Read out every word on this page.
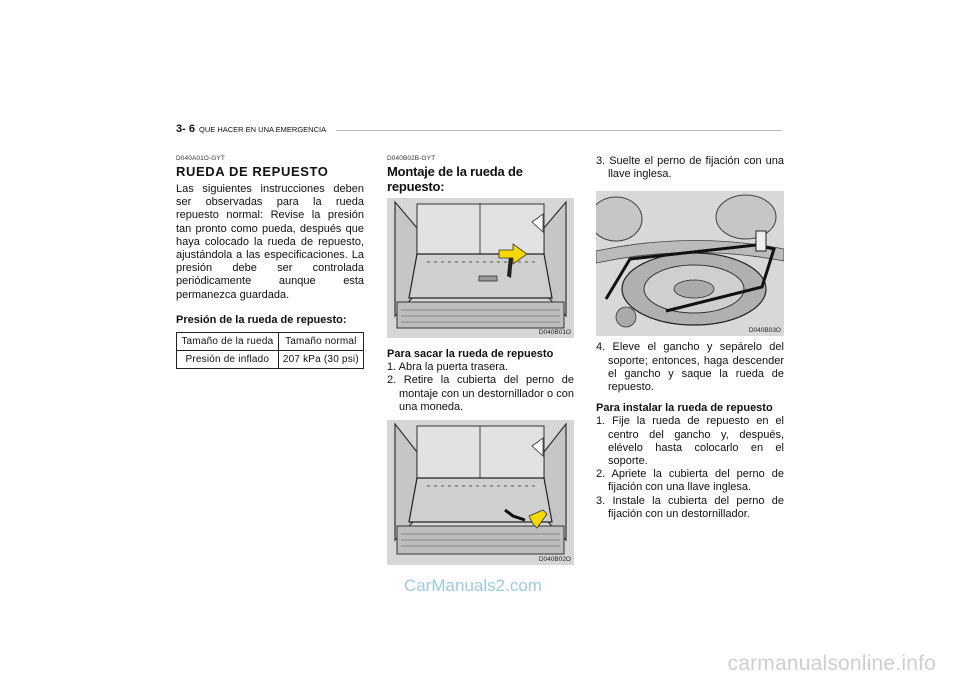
3- 6 QUE HACER EN UNA EMERGENCIA
D040A01O-GYT
RUEDA DE REPUESTO

Las siguientes instrucciones deben ser observadas para la rueda repuesto normal: Revise la presión tan pronto como pueda, después que haya colocado la rueda de repuesto, ajustándola a las especificaciones. La presión debe ser controlada periódicamente aunque esta permanezca guardada.

Presión de la rueda de repuesto:
Tamaño de la rueda	Tamaño normal
Presión de inflado	207 kPa (30 psi)
D040B02B-GYT
Montaje de la rueda de repuesto:
D040B01O
Para sacar la rueda de repuesto
1. Abra la puerta trasera.
2. Retire la cubierta del perno de montaje con un destornillador o con una moneda.
D040B02O
3. Suelte el perno de fijación con una llave inglesa.
D040B03O
4. Eleve el gancho y sepárelo del soporte; entonces, haga descender el gancho y saque la rueda de repuesto.
Para instalar la rueda de repuesto
1. Fije la rueda de repuesto en el centro del gancho y, después, elévelo hasta colocarlo en el soporte.
2. Apriete la cubierta del perno de fijación con una llave inglesa.
3. Instale la cubierta del perno de fijación con un destornillador.
CarManuals2.com
carmanualsonline.info
